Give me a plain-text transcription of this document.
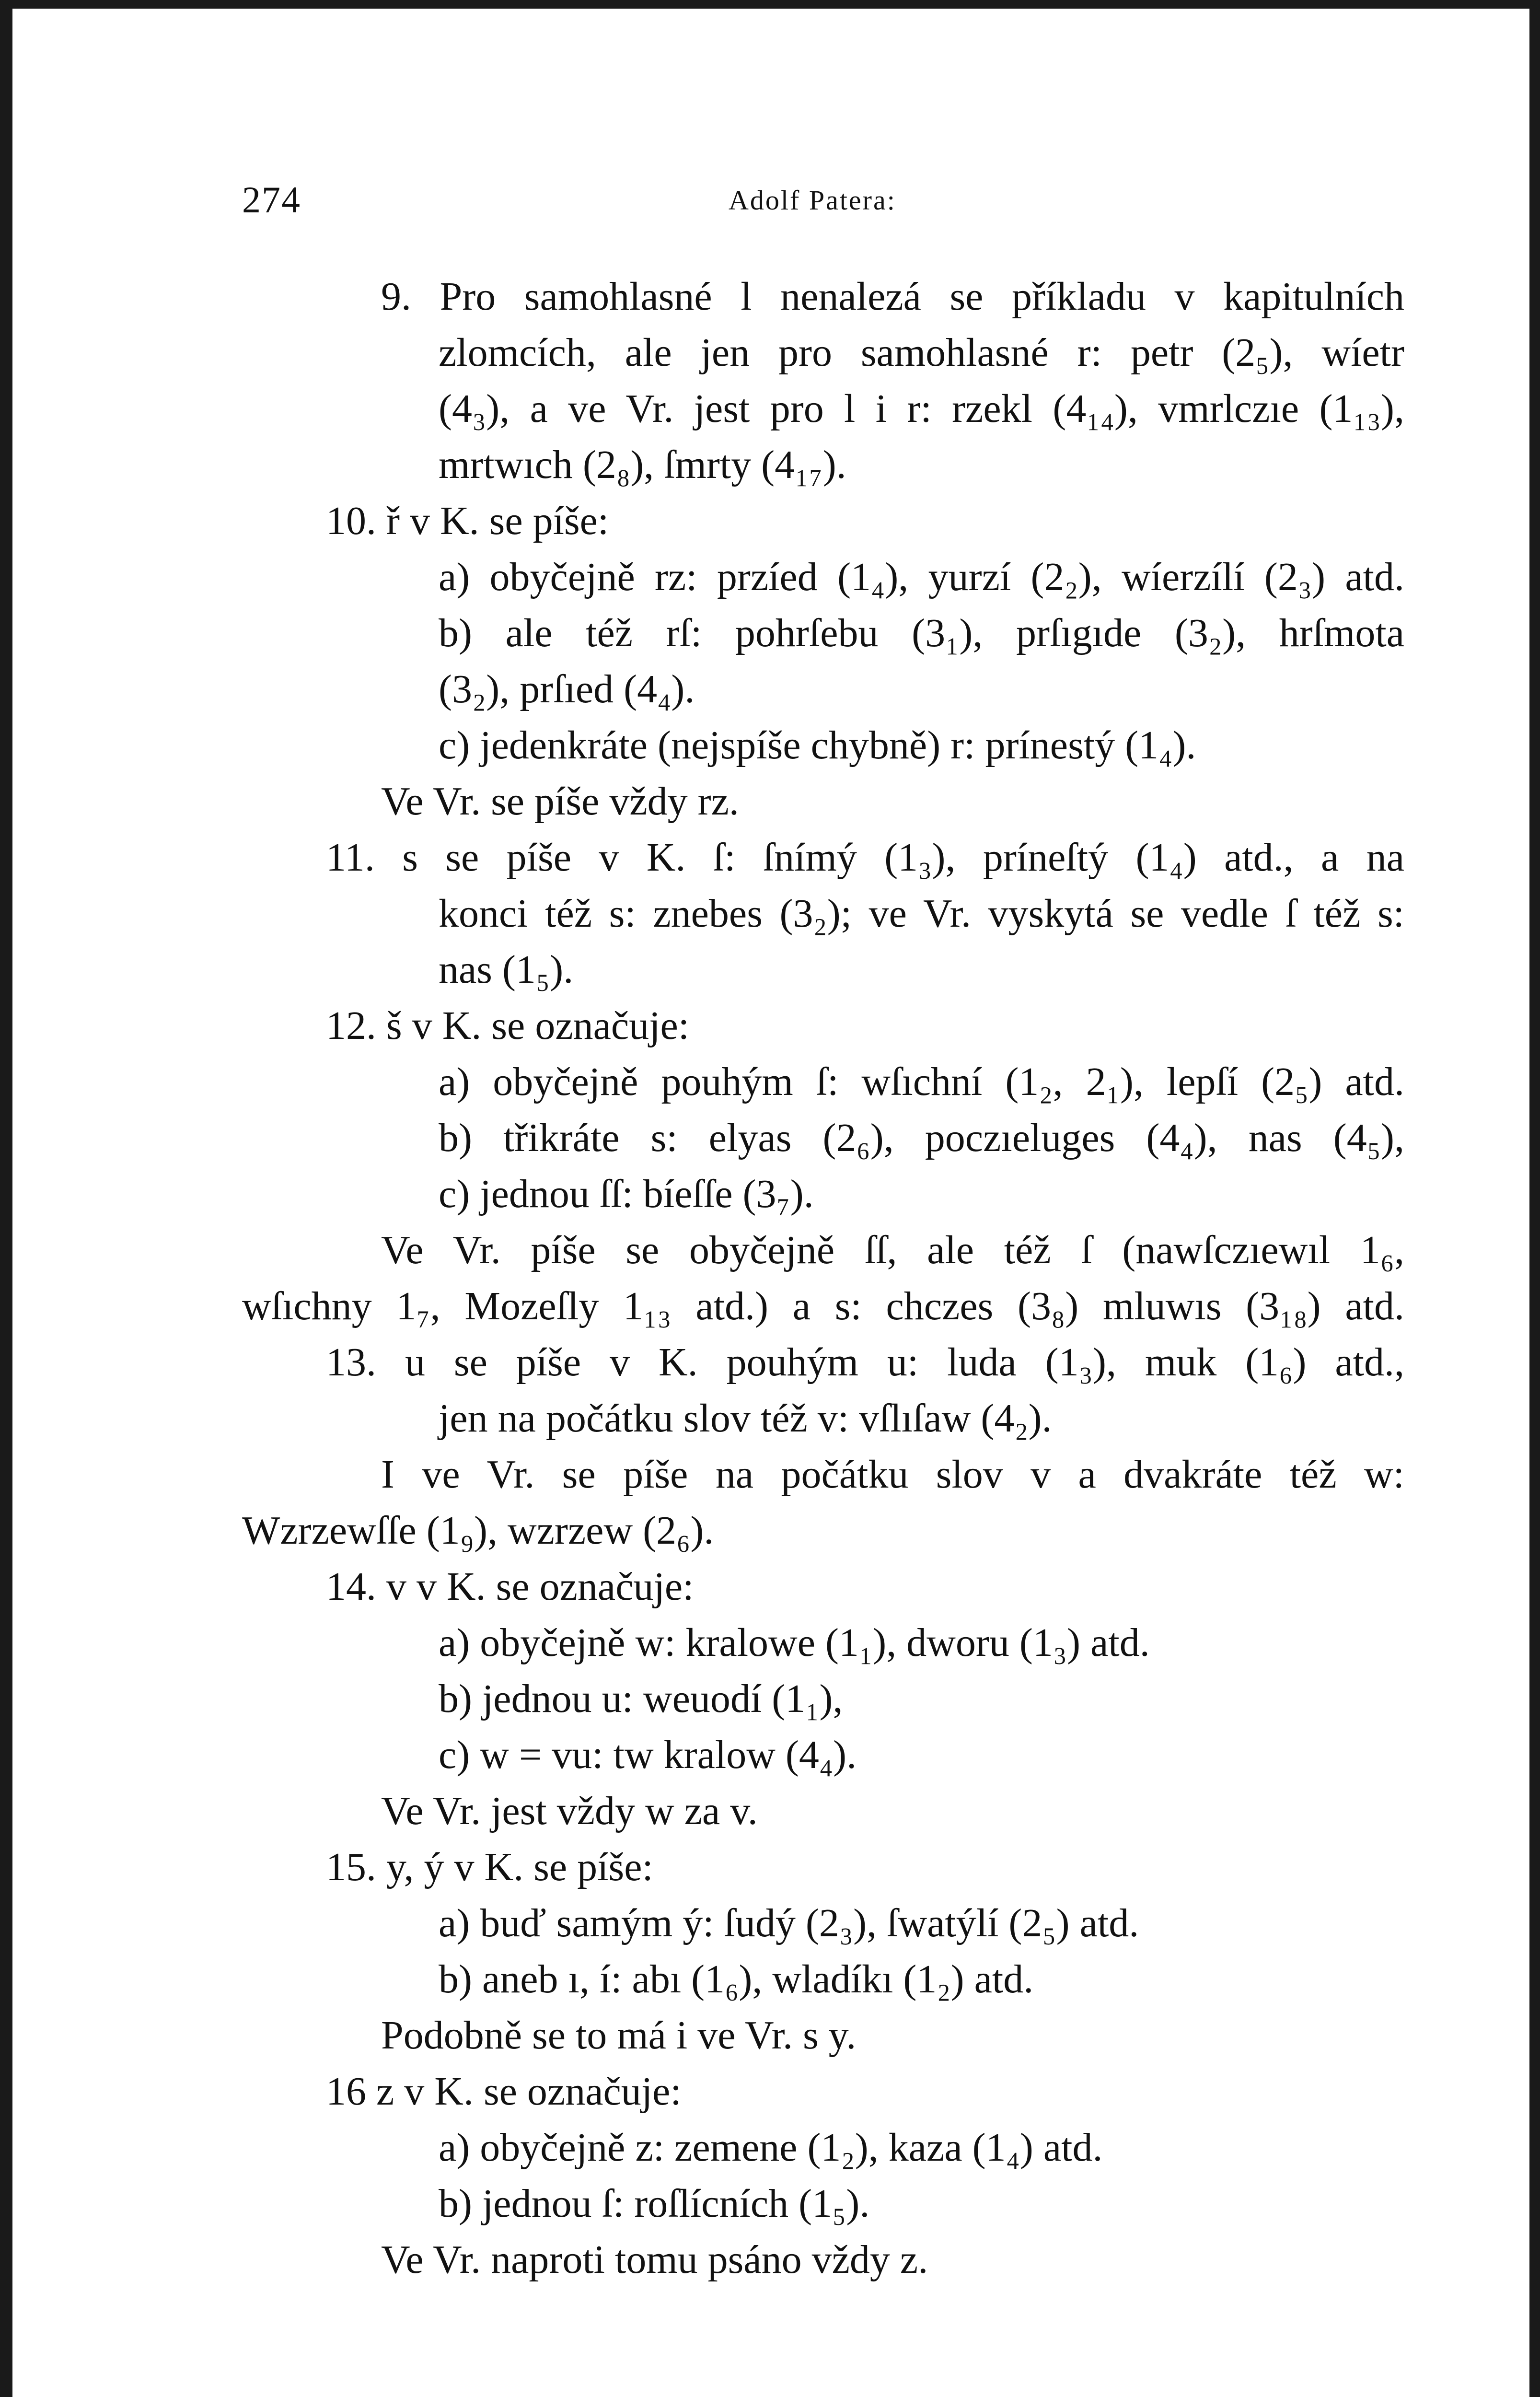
274	Adolf Patera:
9. Pro samohlasné l nenalezá se příkladu v kapitulních
zlomcích, ale jen pro samohlasné r: petr (2₅), wíetr
(4₃), a ve Vr. jest pro l i r: rzekl (4₁₄), vmrlczıe (1₁₃),
mrtwıch (2₈), ſmrty (4₁₇).
10. ř v K. se píše:
a) obyčejně rz: przíed (1₄), yurzí (2₂), wíerzílí (2₃) atd.
b) ale též rſ: pohrſebu (3₁), prſıgıde (3₂), hrſmota
(3₂), prſıed (4₄).
c) jedenkráte (nejspíše chybně) r: prínestý (1₄).
Ve Vr. se píše vždy rz.
11. s se píše v K. ſ: ſnímý (1₃), príneſtý (1₄) atd., a na
konci též s: znebes (3₂); ve Vr. vyskytá se vedle ſ též s:
nas (1₅).
12. š v K. se označuje:
a) obyčejně pouhým ſ: wſıchní (1₂, 2₁), lepſí (2₅) atd.
b) třikráte s: elyas (2₆), poczıeluges (4₄), nas (4₅),
c) jednou ſſ: bíeſſe (3₇).
Ve Vr. píše se obyčejně ſſ, ale též ſ (nawſczıewıl 1₆,
wſıchny 1₇, Mozeſly 1₁₃ atd.) a s: chczes (3₈) mluwıs (3₁₈) atd.
13. u se píše v K. pouhým u: luda (1₃), muk (1₆) atd.,
jen na počátku slov též v: vſlıſaw (4₂).
I ve Vr. se píše na počátku slov v a dvakráte též w:
Wzrzewſſe (1₉), wzrzew (2₆).
14. v v K. se označuje:
a) obyčejně w: kralowe (1₁), dworu (1₃) atd.
b) jednou u: weuodí (1₁),
c) w = vu: tw kralow (4₄).
Ve Vr. jest vždy w za v.
15. y, ý v K. se píše:
a) buď samým ý: ſudý (2₃), ſwatýlí (2₅) atd.
b) aneb ı, í: abı (1₆), wladíkı (1₂) atd.
Podobně se to má i ve Vr. s y.
16 z v K. se označuje:
a) obyčejně z: zemene (1₂), kaza (1₄) atd.
b) jednou ſ: roſlícních (1₅).
Ve Vr. naproti tomu psáno vždy z.
